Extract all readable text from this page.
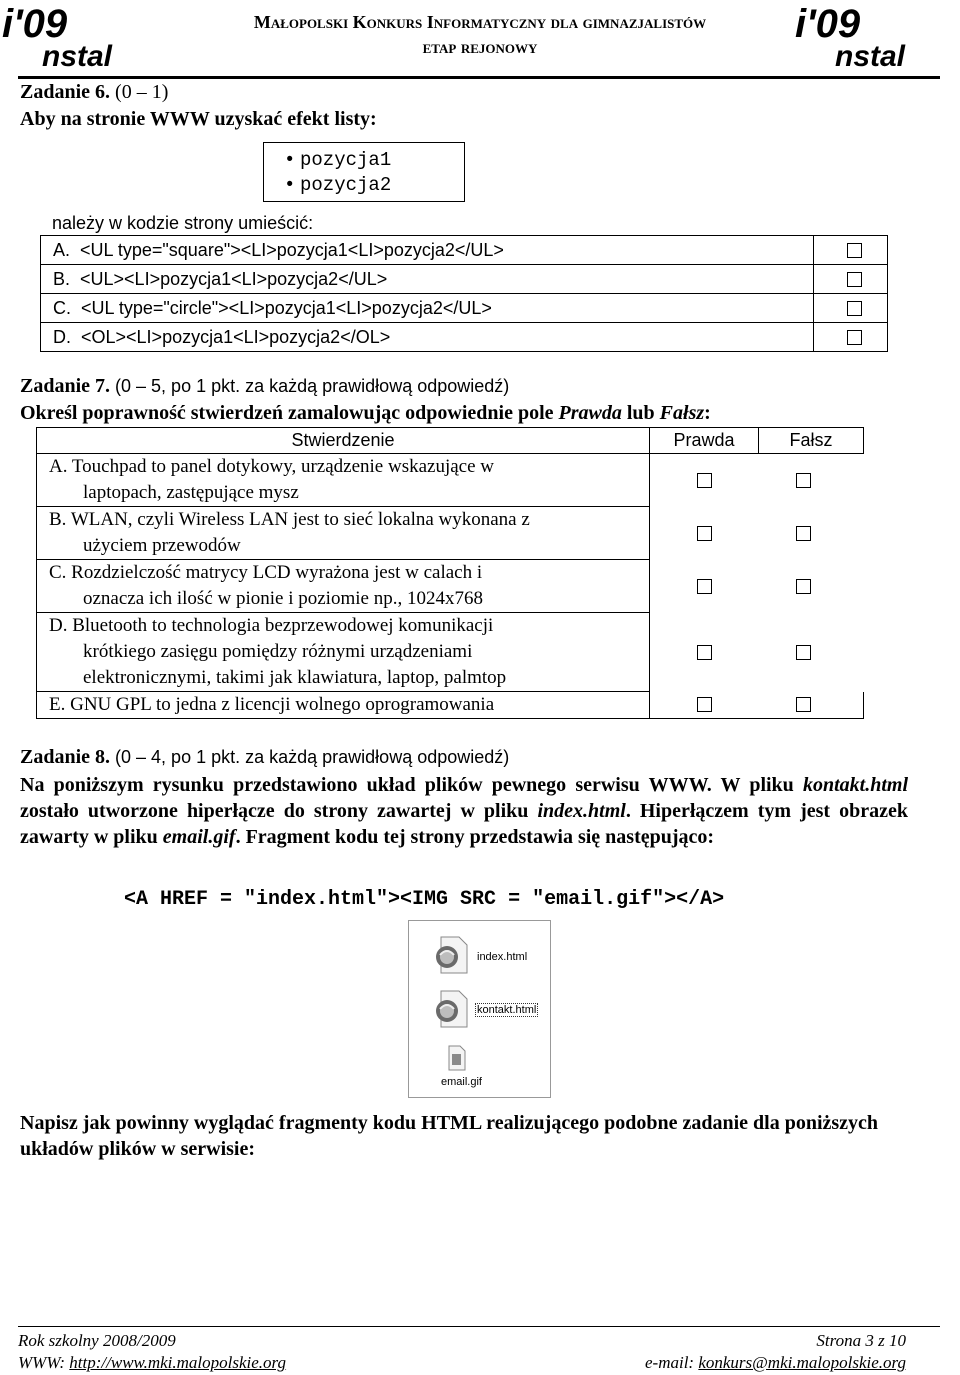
i'09
nstal
Małopolski Konkurs Informatyczny dla gimnazjalistów
etap rejonowy
i'09
nstal
Zadanie 6. (0 – 1)
Aby na stronie WWW uzyskać efekt listy:
• pozycja1
• pozycja2
należy w kodzie strony umieścić:
A.  <UL type="square"><LI>pozycja1<LI>pozycja2</UL>	

B.  <UL><LI>pozycja1<LI>pozycja2</UL>	

C.  <UL type="circle"><LI>pozycja1<LI>pozycja2</UL>	

D.  <OL><LI>pozycja1<LI>pozycja2</OL>	
Zadanie 7. (0 – 5, po 1 pkt. za każdą prawidłową odpowiedź)
Określ poprawność stwierdzeń zamalowując odpowiednie pole Prawda lub Fałsz:
Stwierdzenie	Prawda	Fałsz

A. Touchpad to panel dotykowy, urządzenie wskazujące w
laptopach, zastępujące mysz		

B. WLAN, czyli Wireless LAN jest to sieć lokalna wykonana z
użyciem przewodów		

C. Rozdzielczość matrycy LCD wyrażona jest w calach i
oznacza ich ilość w pionie i poziomie np., 1024x768		

D. Bluetooth to technologia bezprzewodowej komunikacji
krótkiego zasięgu pomiędzy różnymi urządzeniami
elektronicznymi, takimi jak klawiatura, laptop, palmtop		

E. GNU GPL to jedna z licencji wolnego oprogramowania	

Zadanie 8. (0 – 4, po 1 pkt. za każdą prawidłową odpowiedź)
Na poniższym rysunku przedstawiono układ plików pewnego serwisu WWW. W pliku kontakt.html zostało utworzone hiperłącze do strony zawartej w pliku index.html. Hiperłączem tym jest obrazek zawarty w pliku email.gif. Fragment kodu tej strony przedstawia się następująco:
<A HREF = "index.html"><IMG SRC = "email.gif"></A>
index.html
kontakt.html
email.gif
Napisz jak powinny wyglądać fragmenty kodu HTML realizującego podobne zadanie dla poniższych układów plików w serwisie:
Rok szkolny 2008/2009	Strona 3 z 10
WWW: http://www.mki.malopolskie.org	e-mail: konkurs@mki.malopolskie.org
